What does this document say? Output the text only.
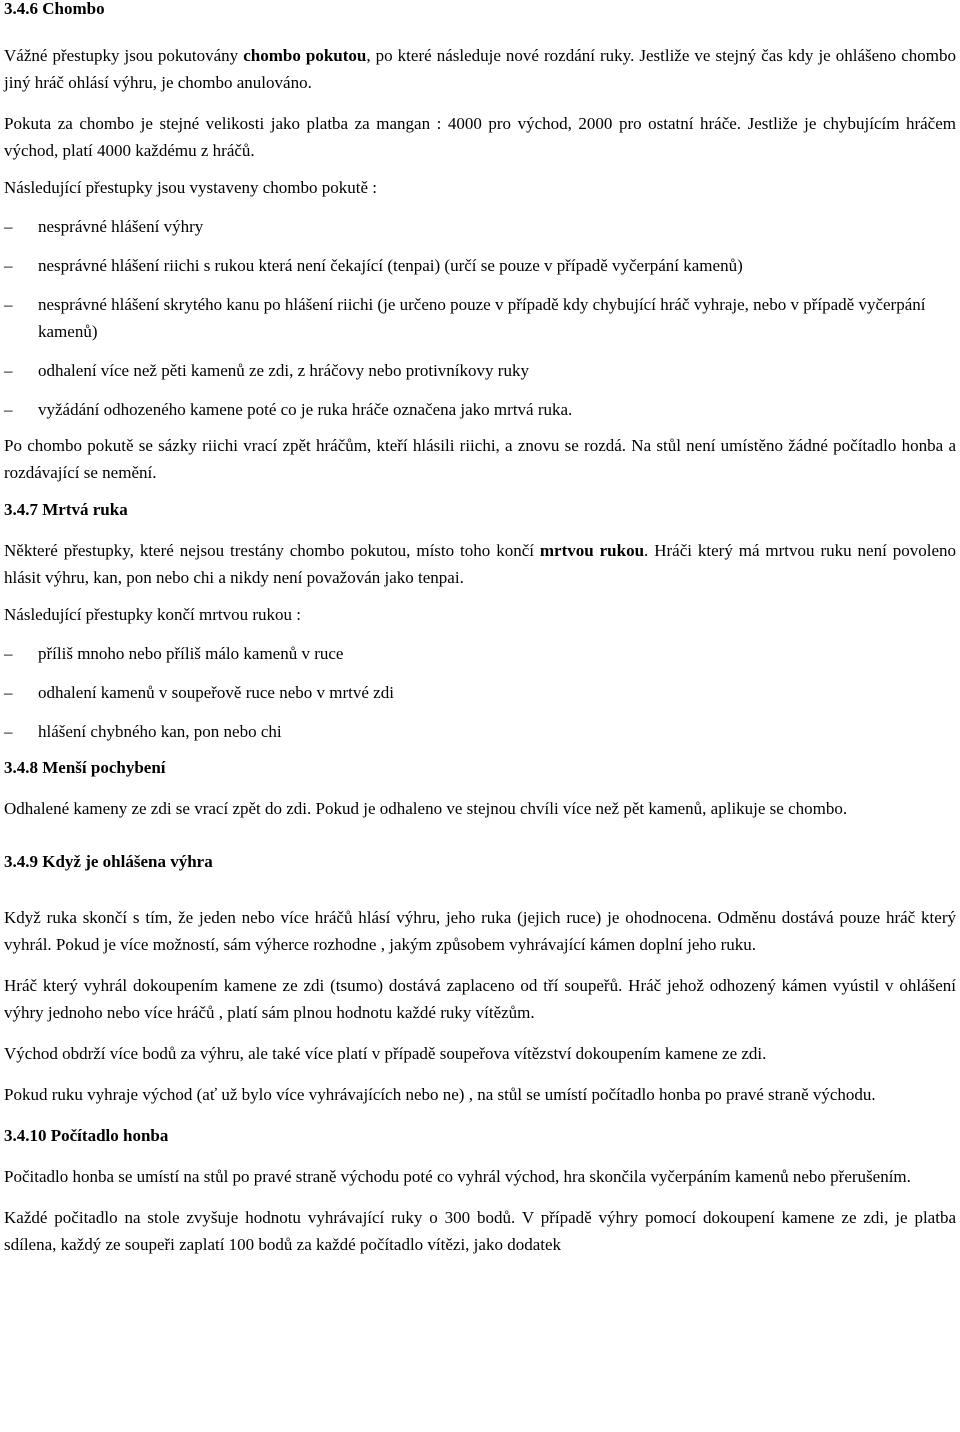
3.4.6 Chombo

Vážné přestupky jsou pokutovány chombo pokutou, po které následuje nové rozdání ruky. Jestliže ve stejný čas kdy je ohlášeno chombo jiný hráč ohlásí výhru, je chombo anulováno.

Pokuta za chombo je stejné velikosti jako platba za mangan : 4000 pro východ, 2000 pro ostatní hráče. Jestliže je chybujícím hráčem východ, platí 4000 každému z hráčů.

Následující přestupky jsou vystaveny chombo pokutě :

–	nesprávné hlášení výhry
–	nesprávné hlášení riichi s rukou která není čekající (tenpai) (určí se pouze v případě vyčerpání kamenů)
–	nesprávné hlášení skrytého kanu po hlášení riichi (je určeno pouze v případě kdy chybující hráč vyhraje, nebo v případě vyčerpání kamenů)
–	odhalení více než pěti kamenů ze zdi, z hráčovy nebo protivníkovy ruky
–	vyžádání odhozeného kamene poté co je ruka hráče označena jako mrtvá ruka.

Po chombo pokutě se sázky riichi vrací zpět hráčům, kteří hlásili riichi, a znovu se rozdá. Na stůl není umístěno žádné počítadlo honba a rozdávající se nemění.

3.4.7 Mrtvá ruka

Některé přestupky, které nejsou trestány chombo pokutou, místo toho končí mrtvou rukou. Hráči který má mrtvou ruku není povoleno hlásit výhru, kan, pon nebo chi a nikdy není považován jako tenpai.

Následující přestupky končí mrtvou rukou :

–	příliš mnoho nebo příliš málo kamenů v ruce
–	odhalení kamenů v soupeřově ruce nebo v mrtvé zdi
–	hlášení chybného kan, pon nebo chi
3.4.8 Menší pochybení

Odhalené kameny ze zdi se vrací zpět do zdi. Pokud je odhaleno ve stejnou chvíli více než pět kamenů, aplikuje se chombo.

3.4.9 Když je ohlášena výhra

Když ruka skončí s tím, že jeden nebo více hráčů hlásí výhru, jeho ruka (jejich ruce) je ohodnocena. Odměnu dostává pouze hráč který vyhrál. Pokud je více možností, sám výherce rozhodne , jakým způsobem vyhrávající kámen doplní jeho ruku.

Hráč který vyhrál dokoupením kamene ze zdi (tsumo) dostává zaplaceno od tří soupeřů. Hráč jehož odhozený kámen vyústil v ohlášení výhry jednoho nebo více hráčů , platí sám plnou hodnotu každé ruky vítězům.

Východ obdrží více bodů za výhru, ale také více platí v případě soupeřova vítězství dokoupením kamene ze zdi.

Pokud ruku vyhraje východ (ať už bylo více vyhrávajících nebo ne) , na stůl se umístí počítadlo honba po pravé straně východu.

3.4.10 Počítadlo honba

Počitadlo honba se umístí na stůl po pravé straně východu poté co vyhrál východ, hra skončila vyčerpáním kamenů nebo přerušením.

Každé počitadlo na stole zvyšuje hodnotu vyhrávající ruky o 300 bodů. V případě výhry pomocí dokoupení kamene ze zdi, je platba sdílena, každý ze soupeři zaplatí 100 bodů za každé počítadlo vítězi, jako dodatek
